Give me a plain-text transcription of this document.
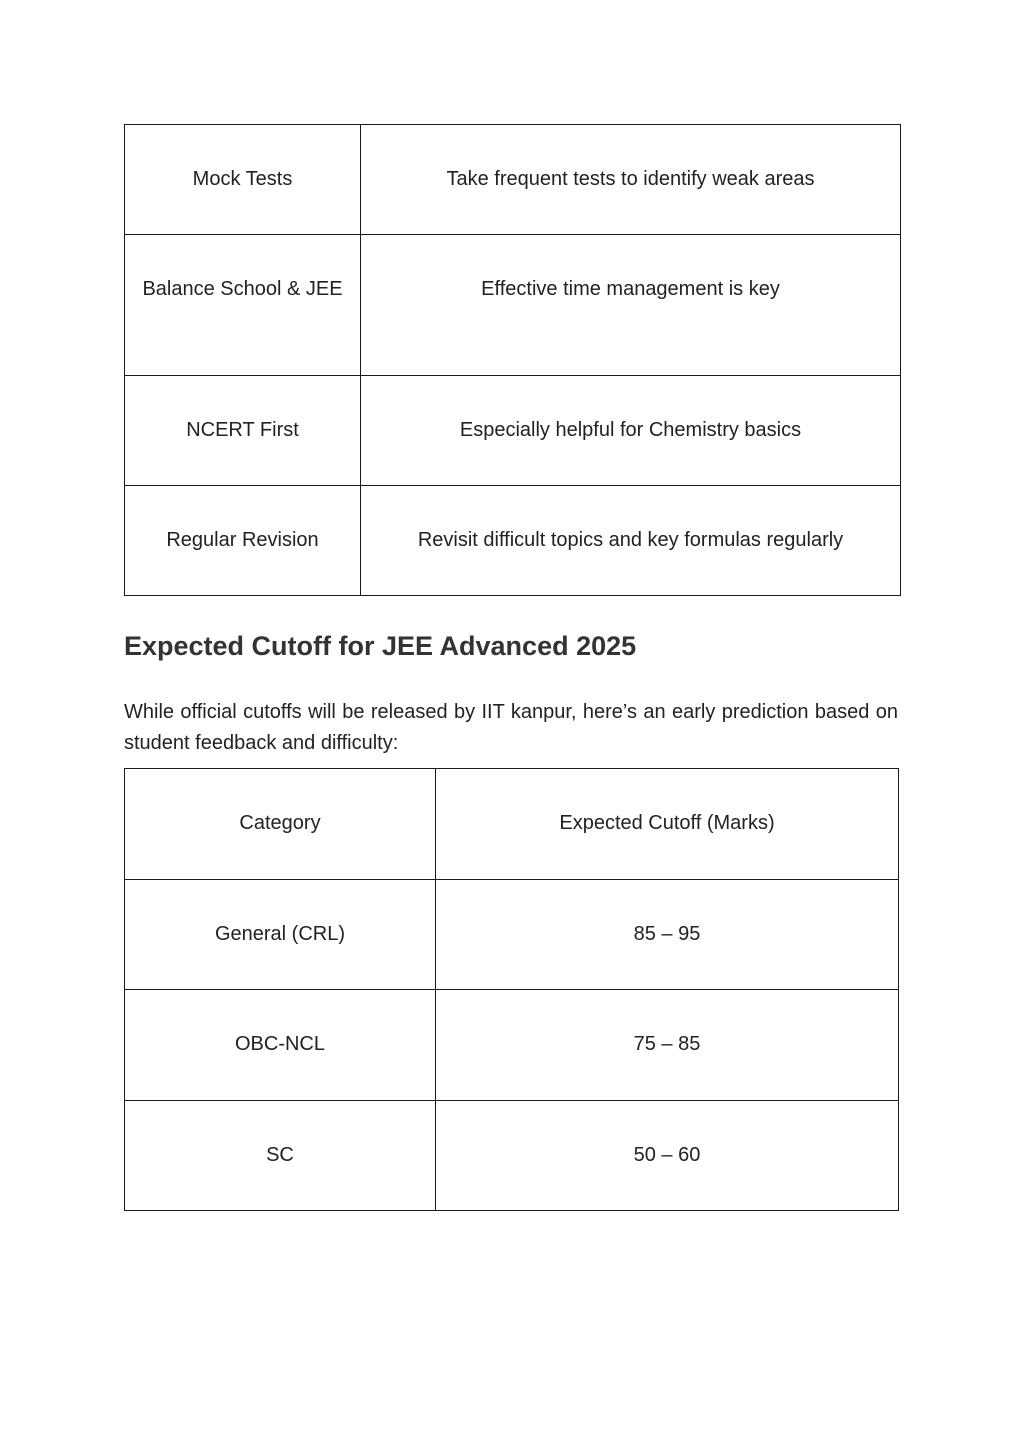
Mock Tests	Take frequent tests to identify weak areas
Balance School & JEE	Effective time management is key
NCERT First	Especially helpful for Chemistry basics
Regular Revision	Revisit difficult topics and key formulas regularly
Expected Cutoff for JEE Advanced 2025

While official cutoffs will be released by IIT kanpur, here’s an early prediction based on student feedback and difficulty:

Category	Expected Cutoff (Marks)
General (CRL)	85 – 95
OBC-NCL	75 – 85
SC	50 – 60
